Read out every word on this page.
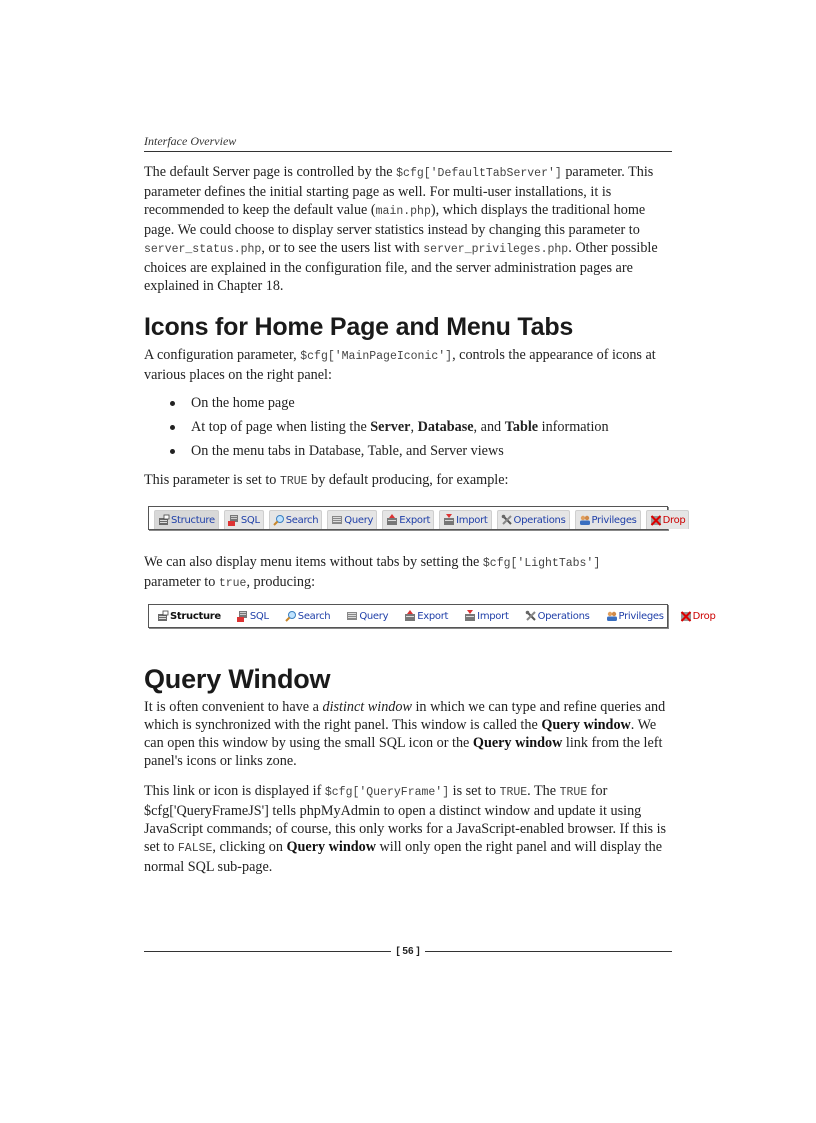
Interface Overview

The default Server page is controlled by the $cfg['DefaultTabServer'] parameter. This parameter defines the initial starting page as well. For multi-user installations, it is recommended to keep the default value (main.php), which displays the traditional home page. We could choose to display server statistics instead by changing this parameter to server_status.php, or to see the users list with server_privileges.php. Other possible choices are explained in the configuration file, and the server administration pages are explained in Chapter 18.

Icons for Home Page and Menu Tabs

A configuration parameter, $cfg['MainPageIconic'], controls the appearance of icons at various places on the right panel:

On the home page
At top of page when listing the Server, Database, and Table information
On the menu tabs in Database, Table, and Server views

This parameter is set to TRUE by default producing, for example:

Structure	SQL	Search	Query	Export	Import	Operations	Privileges	Drop

We can also display menu items without tabs by setting the $cfg['LightTabs']
parameter to true, producing:

Structure	SQL	Search	Query	Export	Import	Operations	Privileges	Drop
Query Window

It is often convenient to have a distinct window in which we can type and refine queries and which is synchronized with the right panel. This window is called the Query window. We can open this window by using the small SQL icon or the Query window link from the left panel's icons or links zone.

This link or icon is displayed if $cfg['QueryFrame'] is set to TRUE. The TRUE for $cfg['QueryFrameJS'] tells phpMyAdmin to open a distinct window and update it using JavaScript commands; of course, this only works for a JavaScript-enabled browser. If this is set to FALSE, clicking on Query window will only open the right panel and will display the normal SQL sub-page.

[ 56 ]
